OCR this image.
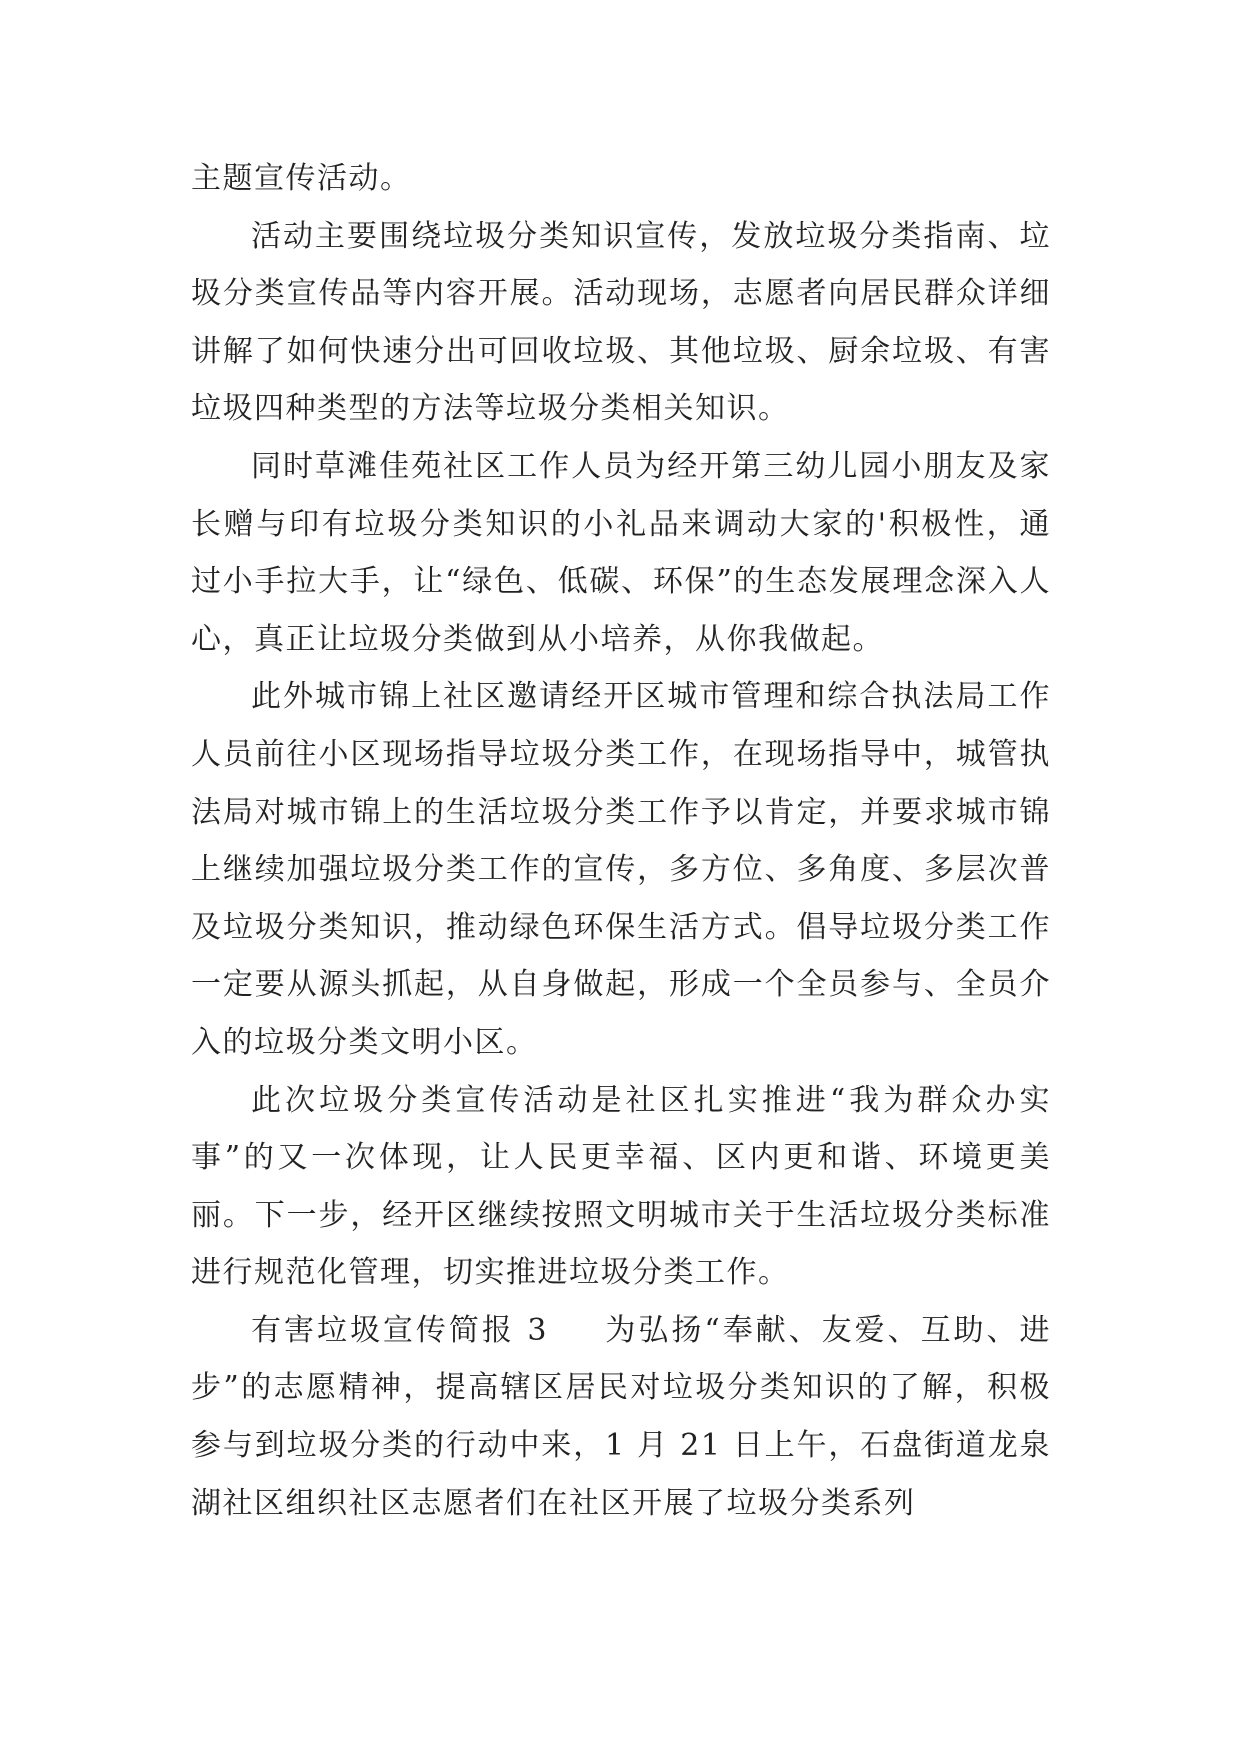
主题宣传活动。

活动主要围绕垃圾分类知识宣传，发放垃圾分类指南、垃圾分类宣传品等内容开展。活动现场，志愿者向居民群众详细讲解了如何快速分出可回收垃圾、其他垃圾、厨余垃圾、有害垃圾四种类型的方法等垃圾分类相关知识。

同时草滩佳苑社区工作人员为经开第三幼儿园小朋友及家长赠与印有垃圾分类知识的小礼品来调动大家的'积极性，通过小手拉大手，让“绿色、低碳、环保”的生态发展理念深入人心，真正让垃圾分类做到从小培养，从你我做起。

此外城市锦上社区邀请经开区城市管理和综合执法局工作人员前往小区现场指导垃圾分类工作，在现场指导中，城管执法局对城市锦上的生活垃圾分类工作予以肯定，并要求城市锦上继续加强垃圾分类工作的宣传，多方位、多角度、多层次普及垃圾分类知识，推动绿色环保生活方式。倡导垃圾分类工作一定要从源头抓起，从自身做起，形成一个全员参与、全员介入的垃圾分类文明小区。

此次垃圾分类宣传活动是社区扎实推进“我为群众办实事”的又一次体现，让人民更幸福、区内更和谐、环境更美丽。下一步，经开区继续按照文明城市关于生活垃圾分类标准进行规范化管理，切实推进垃圾分类工作。

有害垃圾宣传简报 3 为弘扬“奉献、友爱、互助、进步”的志愿精神，提高辖区居民对垃圾分类知识的了解，积极参与到垃圾分类的行动中来，1 月 21 日上午，石盘街道龙泉湖社区组织社区志愿者们在社区开展了垃圾分类系列
